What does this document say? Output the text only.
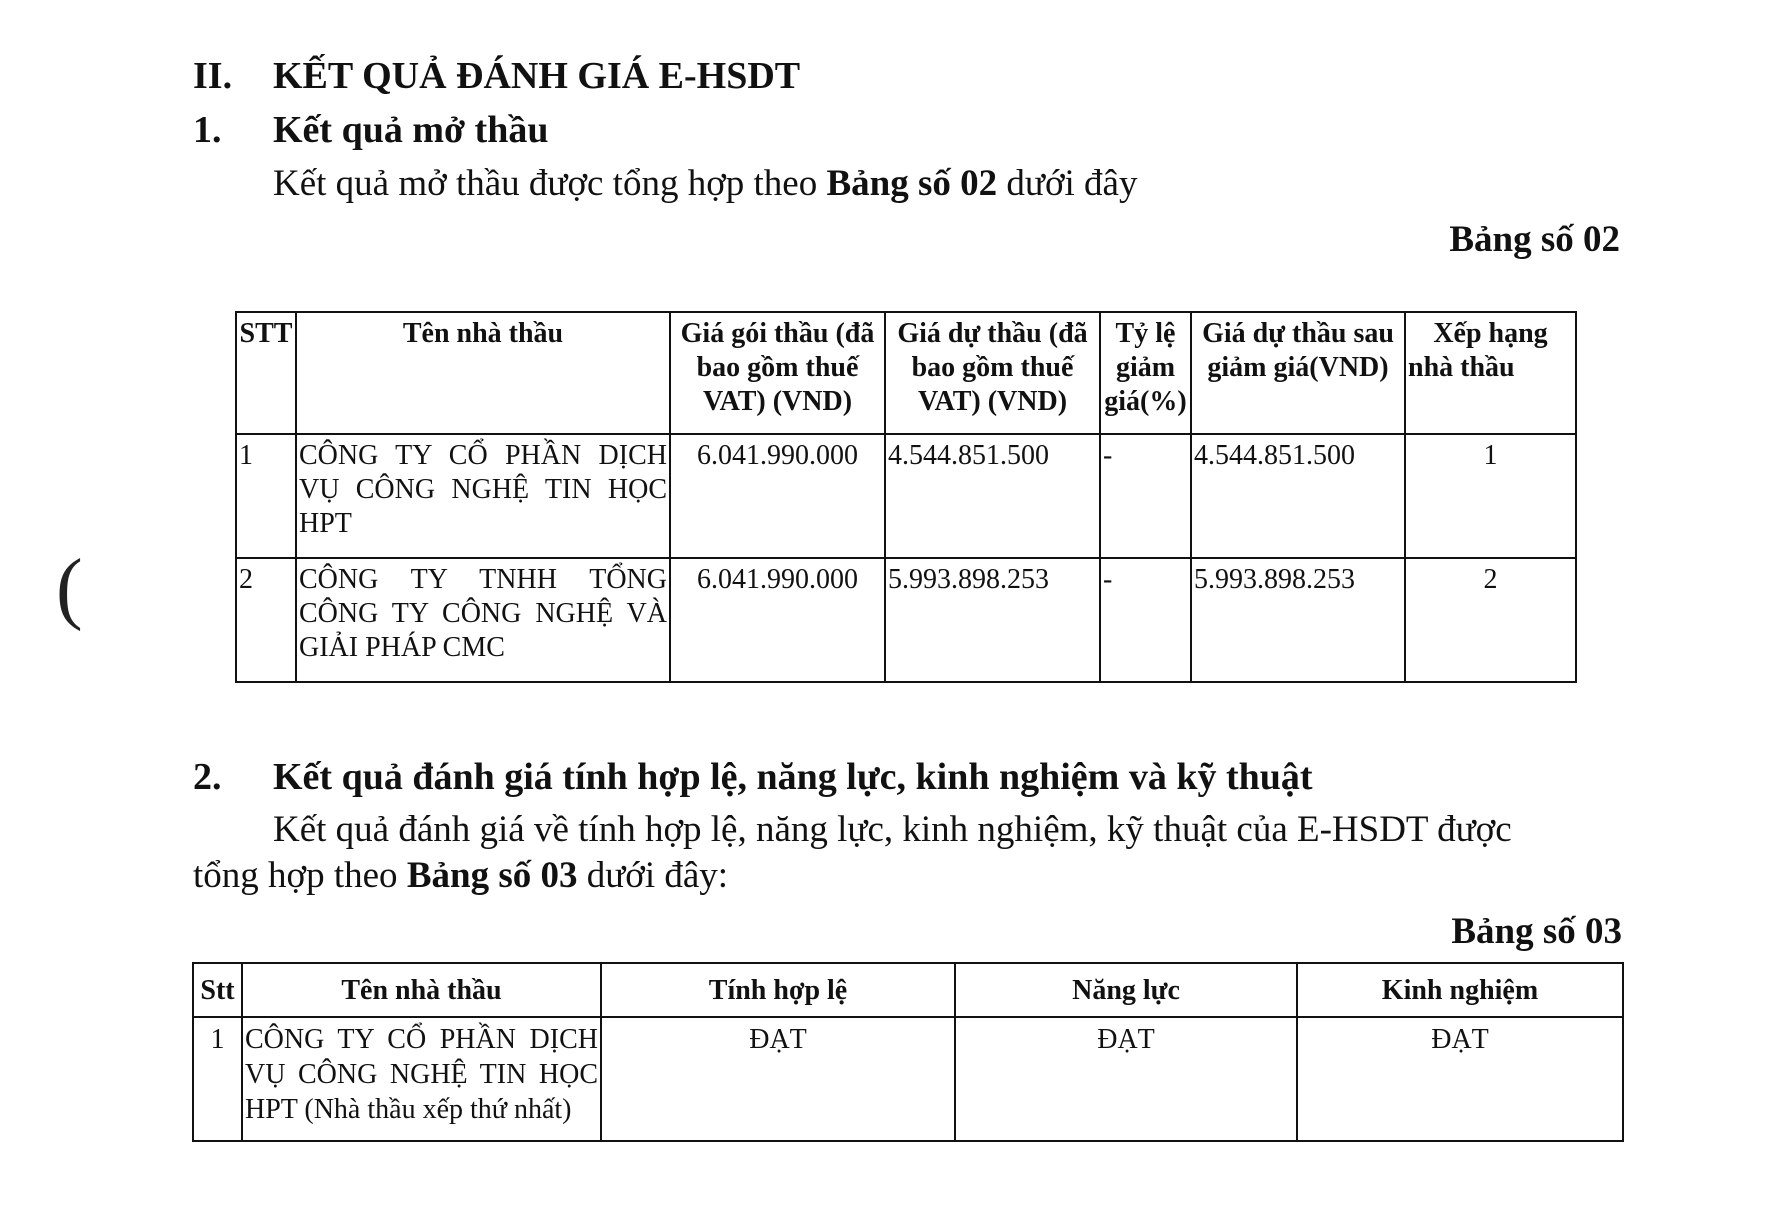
II. KẾT QUẢ ĐÁNH GIÁ E-HSDT
1. Kết quả mở thầu
Kết quả mở thầu được tổng hợp theo Bảng số 02 dưới đây
Bảng số 02
STT	Tên nhà thầu	Giá gói thầu (đã bao gồm thuế VAT) (VND)	Giá dự thầu (đã bao gồm thuế VAT) (VND)	Tỷ lệ giảm giá(%)	Giá dự thầu sau giảm giá(VND)	Xếp hạng nhà thầu
1	CÔNG TY CỔ PHẦN DỊCH VỤ CÔNG NGHỆ TIN HỌC HPT	6.041.990.000	4.544.851.500	-	4.544.851.500	1
2	CÔNG TY TNHH TỔNG CÔNG TY CÔNG NGHỆ VÀ GIẢI PHÁP CMC	6.041.990.000	5.993.898.253	-	5.993.898.253	2
(
2. Kết quả đánh giá tính hợp lệ, năng lực, kinh nghiệm và kỹ thuật
Kết quả đánh giá về tính hợp lệ, năng lực, kinh nghiệm, kỹ thuật của E-HSDT được
tổng hợp theo Bảng số 03 dưới đây:
Bảng số 03
Stt	Tên nhà thầu	Tính hợp lệ	Năng lực	Kinh nghiệm
1	CÔNG TY CỔ PHẦN DỊCH VỤ CÔNG NGHỆ TIN HỌC HPT (Nhà thầu xếp thứ nhất)	ĐẠT	ĐẠT	ĐẠT
